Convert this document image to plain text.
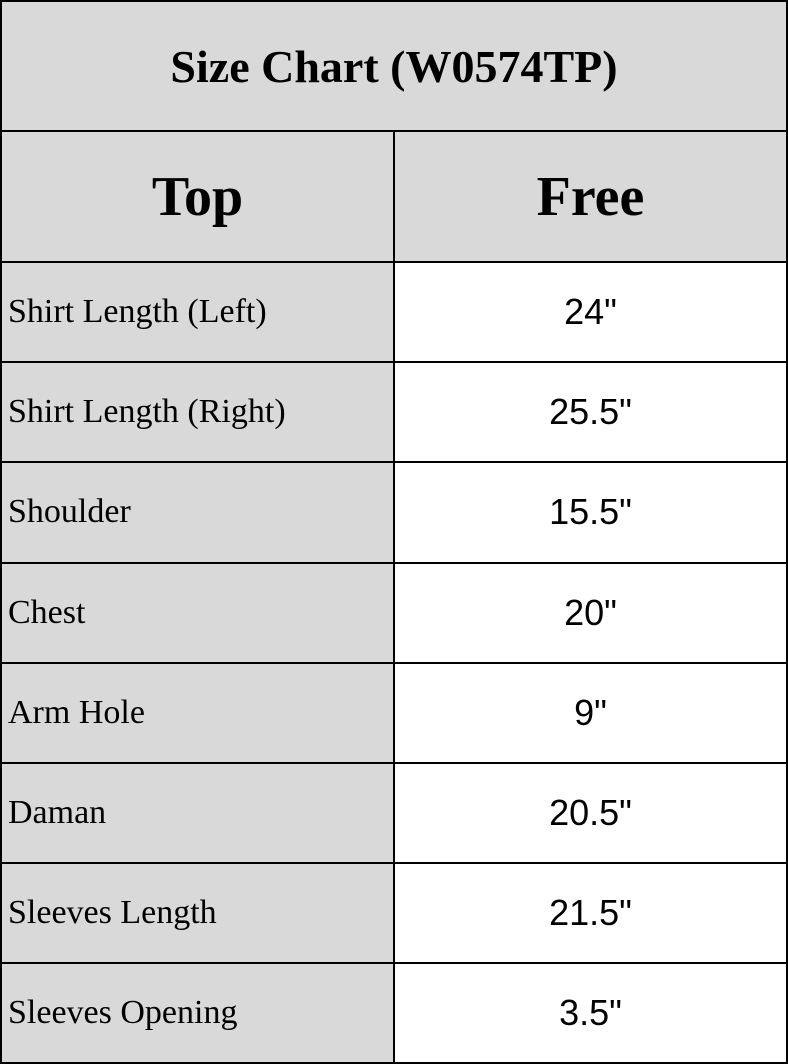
Size Chart (W0574TP)	
Top	Free
Shirt Length (Left)	24"
Shirt Length (Right)	25.5"
Shoulder	15.5"
Chest	20"
Arm Hole	9"
Daman	20.5"
Sleeves Length	21.5"
Sleeves Opening	3.5"
